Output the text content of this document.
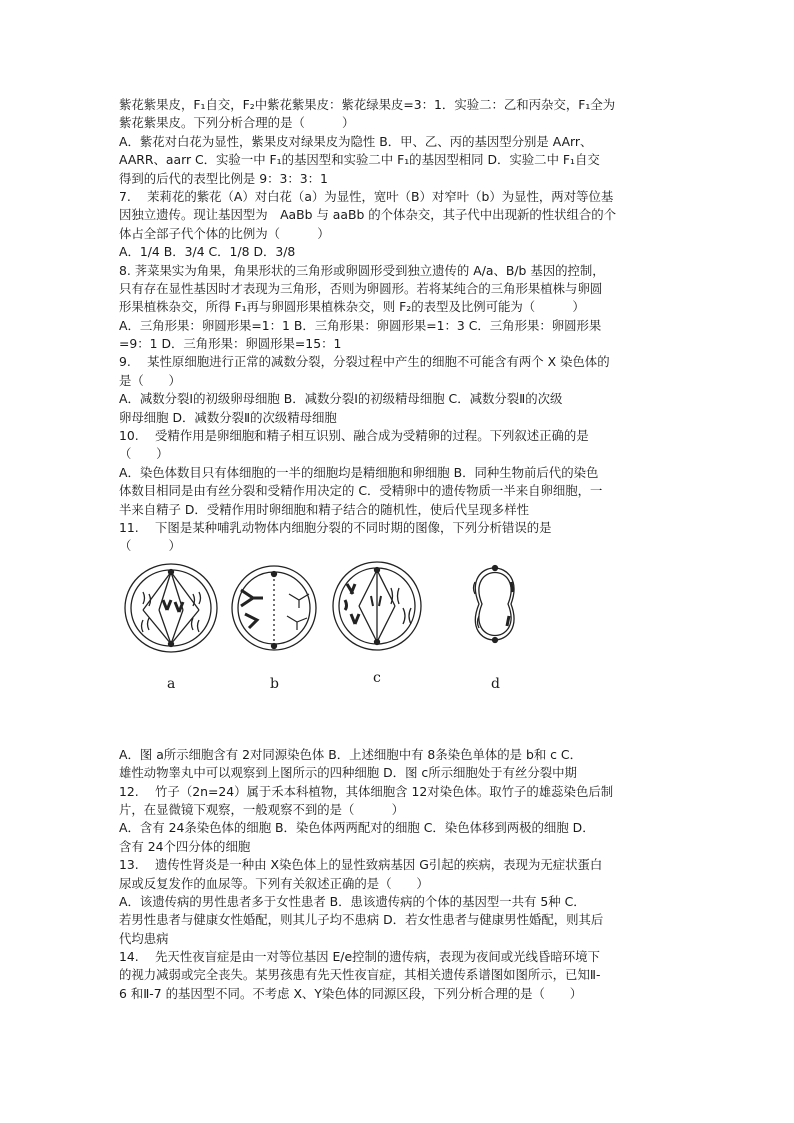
紫花紫果皮，F₁自交，F₂中紫花紫果皮：紫花绿果皮=3：1．实验二：乙和丙杂交，F₁全为
紫花紫果皮。下列分析合理的是（　　　）
A．紫花对白花为显性，紫果皮对绿果皮为隐性 B．甲、乙、丙的基因型分别是 AArr、
AARR、aarr C．实验一中 F₁的基因型和实验二中 F₁的基因型相同 D．实验二中 F₁自交
得到的后代的表型比例是 9：3：3：1
7.　 茉莉花的紫花（A）对白花（a）为显性，宽叶（B）对窄叶（b）为显性，两对等位基
因独立遗传。现让基因型为　AaBb 与 aaBb 的个体杂交，其子代中出现新的性状组合的个
体占全部子代个体的比例为（　　　）
A．1/4 B．3/4 C．1/8 D．3/8
8. 荠菜果实为角果，角果形状的三角形或卵圆形受到独立遗传的 A/a、B/b 基因的控制，
只有存在显性基因时才表现为三角形，否则为卵圆形。若将某纯合的三角形果植株与卵圆
形果植株杂交，所得 F₁再与卵圆形果植株杂交，则 F₂的表型及比例可能为（　　　）
A．三角形果：卵圆形果=1：1 B．三角形果：卵圆形果=1：3 C．三角形果：卵圆形果
=9：1 D．三角形果：卵圆形果=15：1
9.　 某性原细胞进行正常的减数分裂，分裂过程中产生的细胞不可能含有两个 X 染色体的
是（　　）
A．减数分裂Ⅰ的初级卵母细胞 B．减数分裂Ⅰ的初级精母细胞 C．减数分裂Ⅱ的次级
卵母细胞 D．减数分裂Ⅱ的次级精母细胞
10.　 受精作用是卵细胞和精子相互识别、融合成为受精卵的过程。下列叙述正确的是
（　　）
A．染色体数目只有体细胞的一半的细胞均是精细胞和卵细胞 B．同种生物前后代的染色
体数目相同是由有丝分裂和受精作用决定的 C．受精卵中的遗传物质一半来自卵细胞，一
半来自精子 D．受精作用时卵细胞和精子结合的随机性，使后代呈现多样性
11.　 下图是某种哺乳动物体内细胞分裂的不同时期的图像，下列分析错误的是
（　　　）
a	b	c	d
A．图 a所示细胞含有 2对同源染色体 B．上述细胞中有 8条染色单体的是 b和 c C．
雄性动物睾丸中可以观察到上图所示的四种细胞 D．图 c所示细胞处于有丝分裂中期
12.　 竹子（2n=24）属于禾本科植物，其体细胞含 12对染色体。取竹子的雄蕊染色后制
片，在显微镜下观察，一般观察不到的是（　　　）
A．含有 24条染色体的细胞 B．染色体两两配对的细胞 C．染色体移到两极的细胞 D．
含有 24个四分体的细胞
13.　 遗传性肾炎是一种由 X染色体上的显性致病基因 G引起的疾病，表现为无症状蛋白
尿或反复发作的血尿等。下列有关叙述正确的是（　　）
A．该遗传病的男性患者多于女性患者 B．患该遗传病的个体的基因型一共有 5种 C．
若男性患者与健康女性婚配，则其儿子均不患病 D．若女性患者与健康男性婚配，则其后
代均患病
14.　 先天性夜盲症是由一对等位基因 E/e控制的遗传病，表现为夜间或光线昏暗环境下
的视力减弱或完全丧失。某男孩患有先天性夜盲症，其相关遗传系谱图如图所示，已知Ⅱ-
6 和Ⅱ-7 的基因型不同。不考虑 X、Y染色体的同源区段，下列分析合理的是（　　）
